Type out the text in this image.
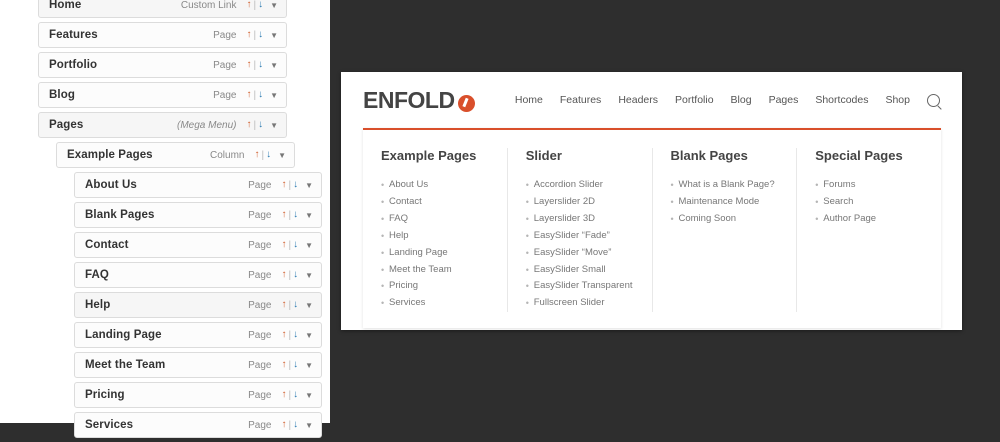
Home	Custom Link ↑ | ↓ ▼
Features	Page ↑ | ↓ ▼
Portfolio	Page ↑ | ↓ ▼
Blog	Page ↑ | ↓ ▼
Pages	(Mega Menu) ↑ | ↓ ▼
Example Pages	Column ↑ | ↓ ▼
About Us	Page ↑ | ↓ ▼
Blank Pages	Page ↑ | ↓ ▼
Contact	Page ↑ | ↓ ▼
FAQ	Page ↑ | ↓ ▼
Help	Page ↑ | ↓ ▼
Landing Page	Page ↑ | ↓ ▼
Meet the Team	Page ↑ | ↓ ▼
Pricing	Page ↑ | ↓ ▼
Services	Page ↑ | ↓ ▼
ENFOLD	Home Features Headers Portfolio Blog Pages Shortcodes Shop
Example Pages
• About Us
• Contact
• FAQ
• Help
• Landing Page
• Meet the Team
• Pricing
• Services
Slider
• Accordion Slider
• Layerslider 2D
• Layerslider 3D
• EasySlider “Fade”
• EasySlider “Move”
• EasySlider Small
• EasySlider Transparent
• Fullscreen Slider
Blank Pages
• What is a Blank Page?
• Maintenance Mode
• Coming Soon
Special Pages
• Forums
• Search
• Author Page
